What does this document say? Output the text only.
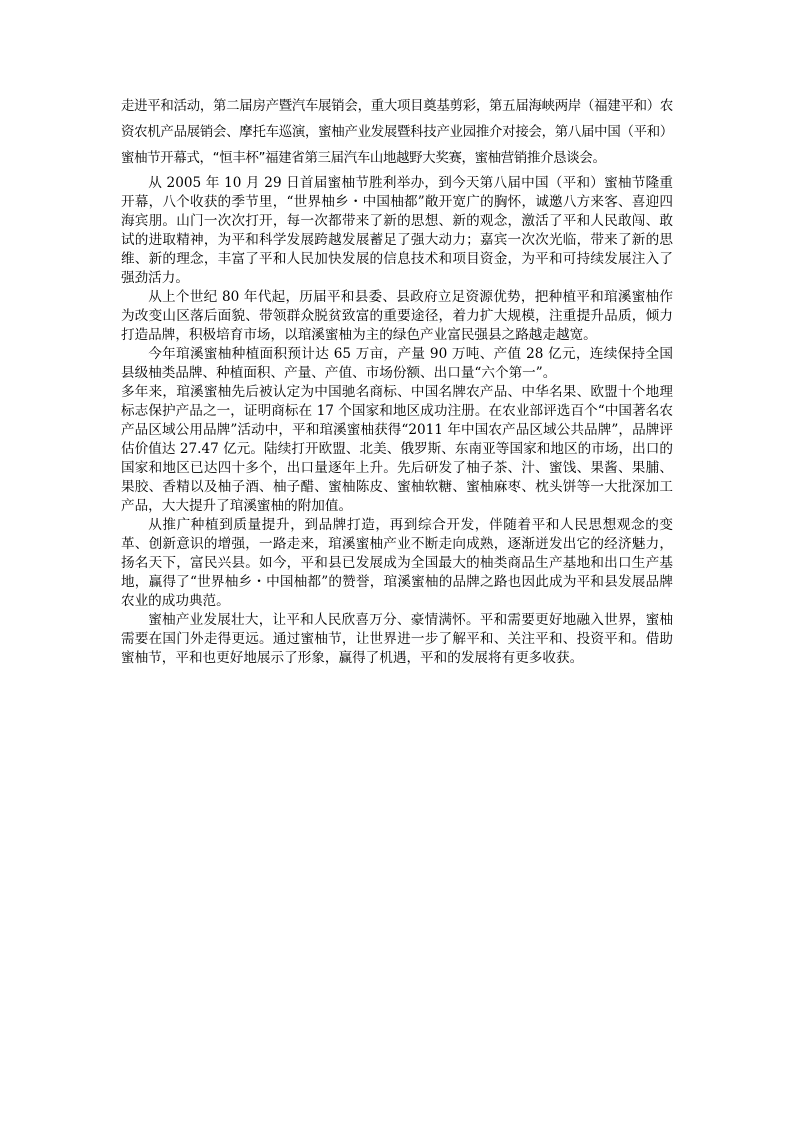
走进平和活动，第二届房产暨汽车展销会，重大项目奠基剪彩，第五届海峡两岸（福建平和）农资农机产品展销会、摩托车巡演，蜜柚产业发展暨科技产业园推介对接会，第八届中国（平和）蜜柚节开幕式，“恒丰杯”福建省第三届汽车山地越野大奖赛，蜜柚营销推介恳谈会。

从 2005 年 10 月 29 日首届蜜柚节胜利举办，到今天第八届中国（平和）蜜柚节隆重开幕，八个收获的季节里，“世界柚乡・中国柚都”敞开宽广的胸怀，诚邀八方来客、喜迎四海宾朋。山门一次次打开，每一次都带来了新的思想、新的观念，激活了平和人民敢闯、敢试的进取精神，为平和科学发展跨越发展蓄足了强大动力；嘉宾一次次光临，带来了新的思维、新的理念，丰富了平和人民加快发展的信息技术和项目资金，为平和可持续发展注入了强劲活力。

从上个世纪 80 年代起，历届平和县委、县政府立足资源优势，把种植平和琯溪蜜柚作为改变山区落后面貌、带领群众脱贫致富的重要途径，着力扩大规模，注重提升品质，倾力打造品牌，积极培育市场，以琯溪蜜柚为主的绿色产业富民强县之路越走越宽。

今年琯溪蜜柚种植面积预计达 65 万亩，产量 90 万吨、产值 28 亿元，连续保持全国县级柚类品牌、种植面积、产量、产值、市场份额、出口量“六个第一”。

多年来，琯溪蜜柚先后被认定为中国驰名商标、中国名牌农产品、中华名果、欧盟十个地理标志保护产品之一，证明商标在 17 个国家和地区成功注册。在农业部评选百个“中国著名农产品区域公用品牌”活动中，平和琯溪蜜柚获得“2011 年中国农产品区域公共品牌”，品牌评估价值达 27.47 亿元。陆续打开欧盟、北美、俄罗斯、东南亚等国家和地区的市场，出口的国家和地区已达四十多个，出口量逐年上升。先后研发了柚子茶、汁、蜜饯、果酱、果脯、果胶、香精以及柚子酒、柚子醋、蜜柚陈皮、蜜柚软糖、蜜柚麻枣、枕头饼等一大批深加工产品，大大提升了琯溪蜜柚的附加值。

从推广种植到质量提升，到品牌打造，再到综合开发，伴随着平和人民思想观念的变革、创新意识的增强，一路走来，琯溪蜜柚产业不断走向成熟，逐渐迸发出它的经济魅力，扬名天下，富民兴县。如今，平和县已发展成为全国最大的柚类商品生产基地和出口生产基地，赢得了“世界柚乡・中国柚都”的赞誉，琯溪蜜柚的品牌之路也因此成为平和县发展品牌农业的成功典范。

蜜柚产业发展壮大，让平和人民欣喜万分、豪情满怀。平和需要更好地融入世界，蜜柚需要在国门外走得更远。通过蜜柚节，让世界进一步了解平和、关注平和、投资平和。借助蜜柚节，平和也更好地展示了形象，赢得了机遇，平和的发展将有更多收获。
